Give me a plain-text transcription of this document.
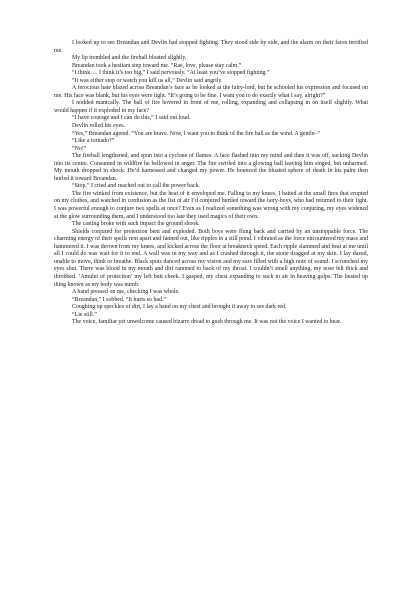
I looked up to see Breandan and Devlin had stopped fighting. They stood side by side, and the alarm on their faces terrified me.

My lip trembled and the fireball bloated slightly.

Breandan took a hesitant step toward me. “Rae, love, please stay calm.”

“I think…. I think it’s too big,” I said nervously. “At least you’ve stopped fighting.”

“It was either stop or watch you kill us all,” Devlin said angrily.

A ferocious hate blazed across Breandan’s face as he looked at the fairy-lord, but he schooled his expression and focused on me. His face was blank, but his eyes were tight. “It’s going to be fine. I want you to do exactly what I say, alright?”

I nodded manically. The ball of fire hovered in front of me, rolling, expanding and collapsing in on itself slightly. What would happen if it exploded in my face?

“I have courage and I can do this,” I said out loud.

Devlin rolled his eyes.

“Yes,” Breandan agreed. “You are brave. Now, I want you to think of the fire ball as the wind. A gentle–”

“Like a tornado?”

“No!”

The fireball lengthened, and spun into a cyclone of flames. A face flashed into my mind and then it was off, sucking Devlin into its centre. Consumed in wildfire he bellowed in anger. The fire swirled into a glowing ball leaving him singed, but unharmed. My mouth dropped in shock. He’d harnessed and changed my power. He bounced the bloated sphere of death in his palm then hurled it toward Breandan.

“Stop,” I cried and reached out to call the power back.

The fire winked from existence, but the heat of it enveloped me. Falling to my knees, I batted at the small fires that erupted on my clothes, and watched in confusion as the fist of air I’d conjured hurtled toward the fairy-boys, who had returned to their fight. I was powerful enough to conjure two spells at once? Even as I realized something was wrong with my conjuring, my eyes widened at the glow surrounding them, and I understood too late they used magics of their own.

The casting broke with such impact the ground shook.

Shields conjured for protection bent and exploded. Both boys were flung back and carried by an unstoppable force. The charming energy of their spells rent apart and fanned out, like ripples in a still pond. I vibrated as the force encountered my mass and hammered it. I was thrown from my knees, and kicked across the floor at breakneck speed. Each ripple slammed and beat at me until all I could do was wait for it to end. A wall was in my way and as I crashed through it, the stone dragged at my skin. I lay dazed, unable to move, think or breathe. Black spots danced across my vision and my ears filled with a high note of sound. I scrunched my eyes shut. There was blood in my mouth and dirt rammed to back of my throat. I couldn’t smell anything, my nose felt thick and throbbed. ‘Amulet of protection’ my left butt cheek. I gasped, my chest expanding to suck in air in heaving gulps. The busted up thing known as my body was numb.

A hand pressed on me, checking I was whole.

“Breandan,” I sobbed. “It hurts so bad.”

Coughing up speckles of dirt, I lay a hand on my chest and brought it away to see dark red.

“Lie still.”

The voice, familiar yet unwelcome caused bizarre dread to gush through me. It was not the voice I wanted to hear.
